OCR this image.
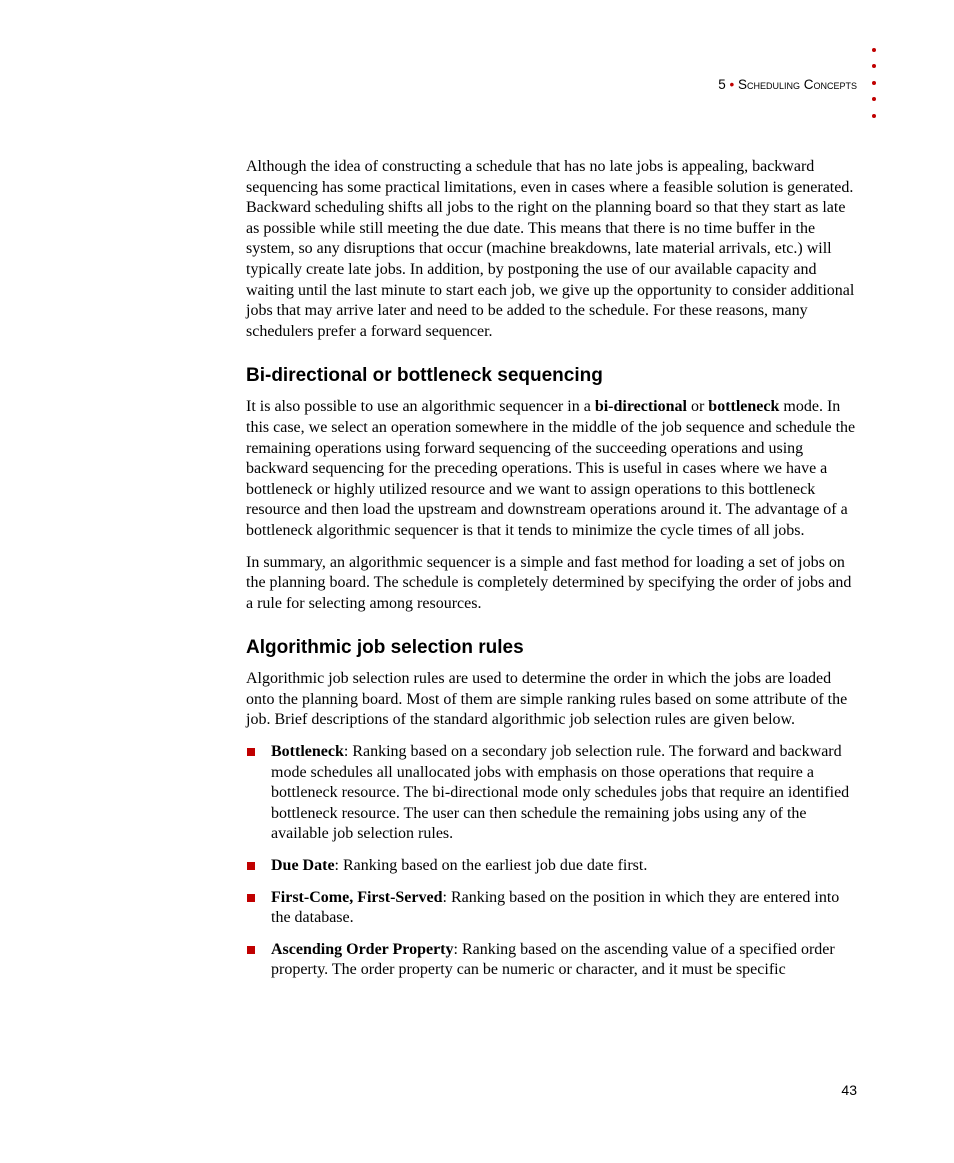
5 • Scheduling Concepts

Although the idea of constructing a schedule that has no late jobs is appealing, backward sequencing has some practical limitations, even in cases where a feasible solution is generated. Backward scheduling shifts all jobs to the right on the planning board so that they start as late as possible while still meeting the due date. This means that there is no time buffer in the system, so any disruptions that occur (machine breakdowns, late material arrivals, etc.) will typically create late jobs. In addition, by postponing the use of our available capacity and waiting until the last minute to start each job, we give up the opportunity to consider additional jobs that may arrive later and need to be added to the schedule. For these reasons, many schedulers prefer a forward sequencer.

Bi-directional or bottleneck sequencing

It is also possible to use an algorithmic sequencer in a bi-directional or bottleneck mode. In this case, we select an operation somewhere in the middle of the job sequence and schedule the remaining operations using forward sequencing of the succeeding operations and using backward sequencing for the preceding operations. This is useful in cases where we have a bottleneck or highly utilized resource and we want to assign operations to this bottleneck resource and then load the upstream and downstream operations around it. The advantage of a bottleneck algorithmic sequencer is that it tends to minimize the cycle times of all jobs.

In summary, an algorithmic sequencer is a simple and fast method for loading a set of jobs on the planning board. The schedule is completely determined by specifying the order of jobs and a rule for selecting among resources.

Algorithmic job selection rules

Algorithmic job selection rules are used to determine the order in which the jobs are loaded onto the planning board. Most of them are simple ranking rules based on some attribute of the job. Brief descriptions of the standard algorithmic job selection rules are given below.

Bottleneck: Ranking based on a secondary job selection rule. The forward and backward mode schedules all unallocated jobs with emphasis on those operations that require a bottleneck resource. The bi-directional mode only schedules jobs that require an identified bottleneck resource. The user can then schedule the remaining jobs using any of the available job selection rules.
Due Date: Ranking based on the earliest job due date first.
First-Come, First-Served: Ranking based on the position in which they are entered into the database.
Ascending Order Property: Ranking based on the ascending value of a specified order property. The order property can be numeric or character, and it must be specific
43
